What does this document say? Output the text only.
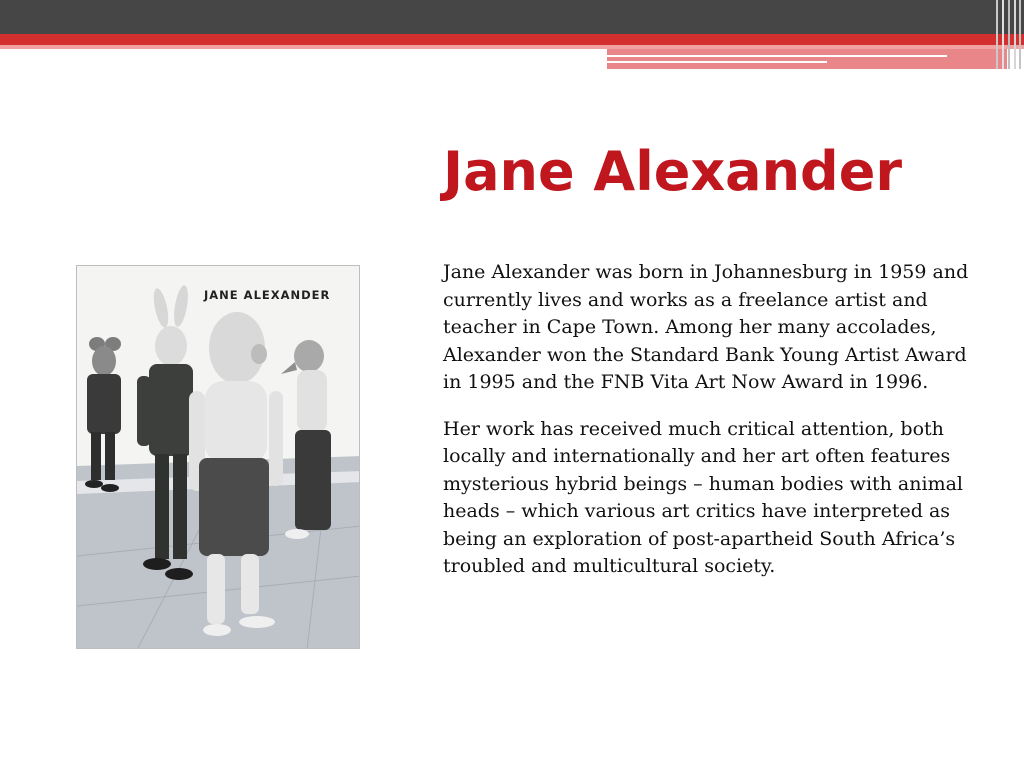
Jane Alexander

Jane Alexander was born in Johannesburg in 1959 and currently lives and works as a freelance artist and teacher in Cape Town. Among her many accolades, Alexander won the Standard Bank Young Artist Award in 1995 and the FNB Vita Art Now Award in 1996.

Her work has received much critical attention, both locally and internationally and her art often features mysterious hybrid beings – human bodies with animal heads – which various art critics have interpreted as being an exploration of post-apartheid South Africa’s troubled and multicultural society.

JANE ALEXANDER
